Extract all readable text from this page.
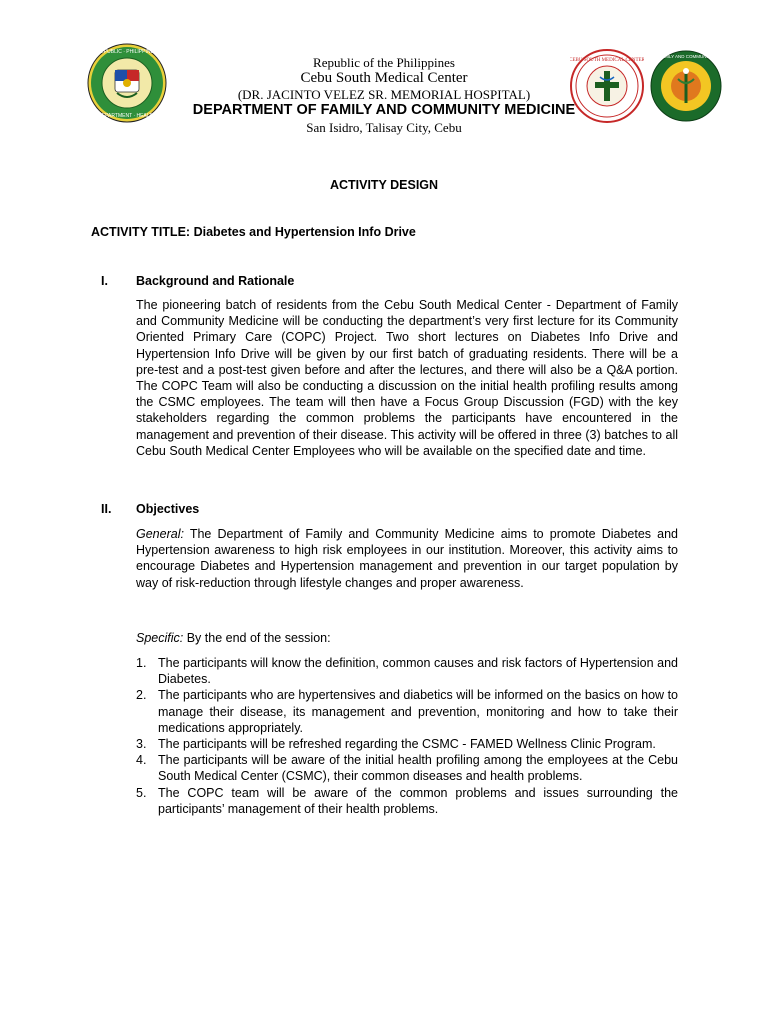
REPUBLIC · PHILIPPINES
DEPARTMENT · HEALTH
CEBU SOUTH MEDICAL CENTER
FAMILY AND COMMUNITY
Republic of the Philippines
Cebu South Medical Center
(DR. JACINTO VELEZ SR. MEMORIAL HOSPITAL)
DEPARTMENT OF FAMILY AND COMMUNITY MEDICINE
San Isidro, Talisay City, Cebu
ACTIVITY DESIGN
ACTIVITY TITLE: Diabetes and Hypertension Info Drive
I. Background and Rationale
The pioneering batch of residents from the Cebu South Medical Center - Department of Family and Community Medicine will be conducting the department’s very first lecture for its Community Oriented Primary Care (COPC) Project. Two short lectures on Diabetes Info Drive and Hypertension Info Drive will be given by our first batch of graduating residents. There will be a pre-test and a post-test given before and after the lectures, and there will also be a Q&A portion. The COPC Team will also be conducting a discussion on the initial health profiling results among the CSMC employees. The team will then have a Focus Group Discussion (FGD) with the key stakeholders regarding the common problems the participants have encountered in the management and prevention of their disease. This activity will be offered in three (3) batches to all Cebu South Medical Center Employees who will be available on the specified date and time.
II. Objectives
General: The Department of Family and Community Medicine aims to promote Diabetes and Hypertension awareness to high risk employees in our institution. Moreover, this activity aims to encourage Diabetes and Hypertension management and prevention in our target population by way of risk-reduction through lifestyle changes and proper awareness.
Specific: By the end of the session:
1. The participants will know the definition, common causes and risk factors of Hypertension and Diabetes.
2. The participants who are hypertensives and diabetics will be informed on the basics on how to manage their disease, its management and prevention, monitoring and how to take their medications appropriately.
3. The participants will be refreshed regarding the CSMC - FAMED Wellness Clinic Program.
4. The participants will be aware of the initial health profiling among the employees at the Cebu South Medical Center (CSMC), their common diseases and health problems.
5. The COPC team will be aware of the common problems and issues surrounding the participants’ management of their health problems.
